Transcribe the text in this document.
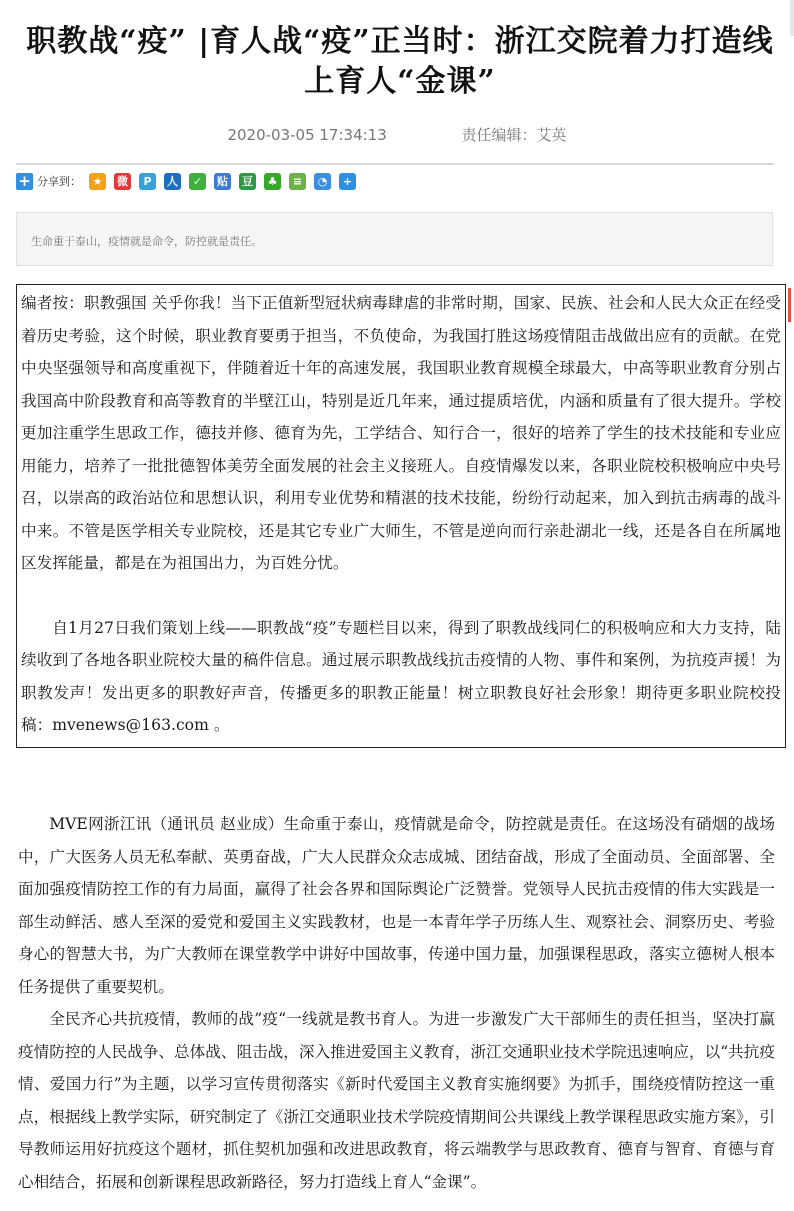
职教战“疫” |育人战“疫”正当时：浙江交院着力打造线上育人“金课”
2020-03-05 17:34:13	责任编辑：艾英
+ 分享到：	★	微	P	人	✓	贴 豆	♣	≡	◔	+
生命重于泰山，疫情就是命令，防控就是责任。

编者按：职教强国 关乎你我！当下正值新型冠状病毒肆虐的非常时期，国家、民族、社会和人民大众正在经受着历史考验，这个时候，职业教育要勇于担当，不负使命，为我国打胜这场疫情阻击战做出应有的贡献。在党中央坚强领导和高度重视下，伴随着近十年的高速发展，我国职业教育规模全球最大，中高等职业教育分别占我国高中阶段教育和高等教育的半壁江山，特别是近几年来，通过提质培优，内涵和质量有了很大提升。学校更加注重学生思政工作，德技并修、德育为先，工学结合、知行合一，很好的培养了学生的技术技能和专业应用能力，培养了一批批德智体美劳全面发展的社会主义接班人。自疫情爆发以来，各职业院校积极响应中央号召，以崇高的政治站位和思想认识，利用专业优势和精湛的技术技能，纷纷行动起来，加入到抗击病毒的战斗中来。不管是医学相关专业院校，还是其它专业广大师生，不管是逆向而行亲赴湖北一线，还是各自在所属地区发挥能量，都是在为祖国出力，为百姓分忧。

自1月27日我们策划上线——职教战“疫”专题栏目以来，得到了职教战线同仁的积极响应和大力支持，陆续收到了各地各职业院校大量的稿件信息。通过展示职教战线抗击疫情的人物、事件和案例，为抗疫声援！为职教发声！发出更多的职教好声音，传播更多的职教正能量！树立职教良好社会形象！期待更多职业院校投稿：mvenews@163.com 。

MVE网浙江讯（通讯员 赵业成）生命重于泰山，疫情就是命令，防控就是责任。在这场没有硝烟的战场中，广大医务人员无私奉献、英勇奋战，广大人民群众众志成城、团结奋战，形成了全面动员、全面部署、全面加强疫情防控工作的有力局面，赢得了社会各界和国际舆论广泛赞誉。党领导人民抗击疫情的伟大实践是一部生动鲜活、感人至深的爱党和爱国主义实践教材，也是一本青年学子历练人生、观察社会、洞察历史、考验身心的智慧大书，为广大教师在课堂教学中讲好中国故事，传递中国力量，加强课程思政，落实立德树人根本任务提供了重要契机。

全民齐心共抗疫情，教师的战”疫“一线就是教书育人。为进一步激发广大干部师生的责任担当，坚决打赢疫情防控的人民战争、总体战、阻击战，深入推进爱国主义教育，浙江交通职业技术学院迅速响应，以“共抗疫情、爱国力行”为主题，以学习宣传贯彻落实《新时代爱国主义教育实施纲要》为抓手，围绕疫情防控这一重点，根据线上教学实际，研究制定了《浙江交通职业技术学院疫情期间公共课线上教学课程思政实施方案》，引导教师运用好抗疫这个题材，抓住契机加强和改进思政教育，将云端教学与思政教育、德育与智育、育德与育心相结合，拓展和创新课程思政新路径，努力打造线上育人“金课”。
